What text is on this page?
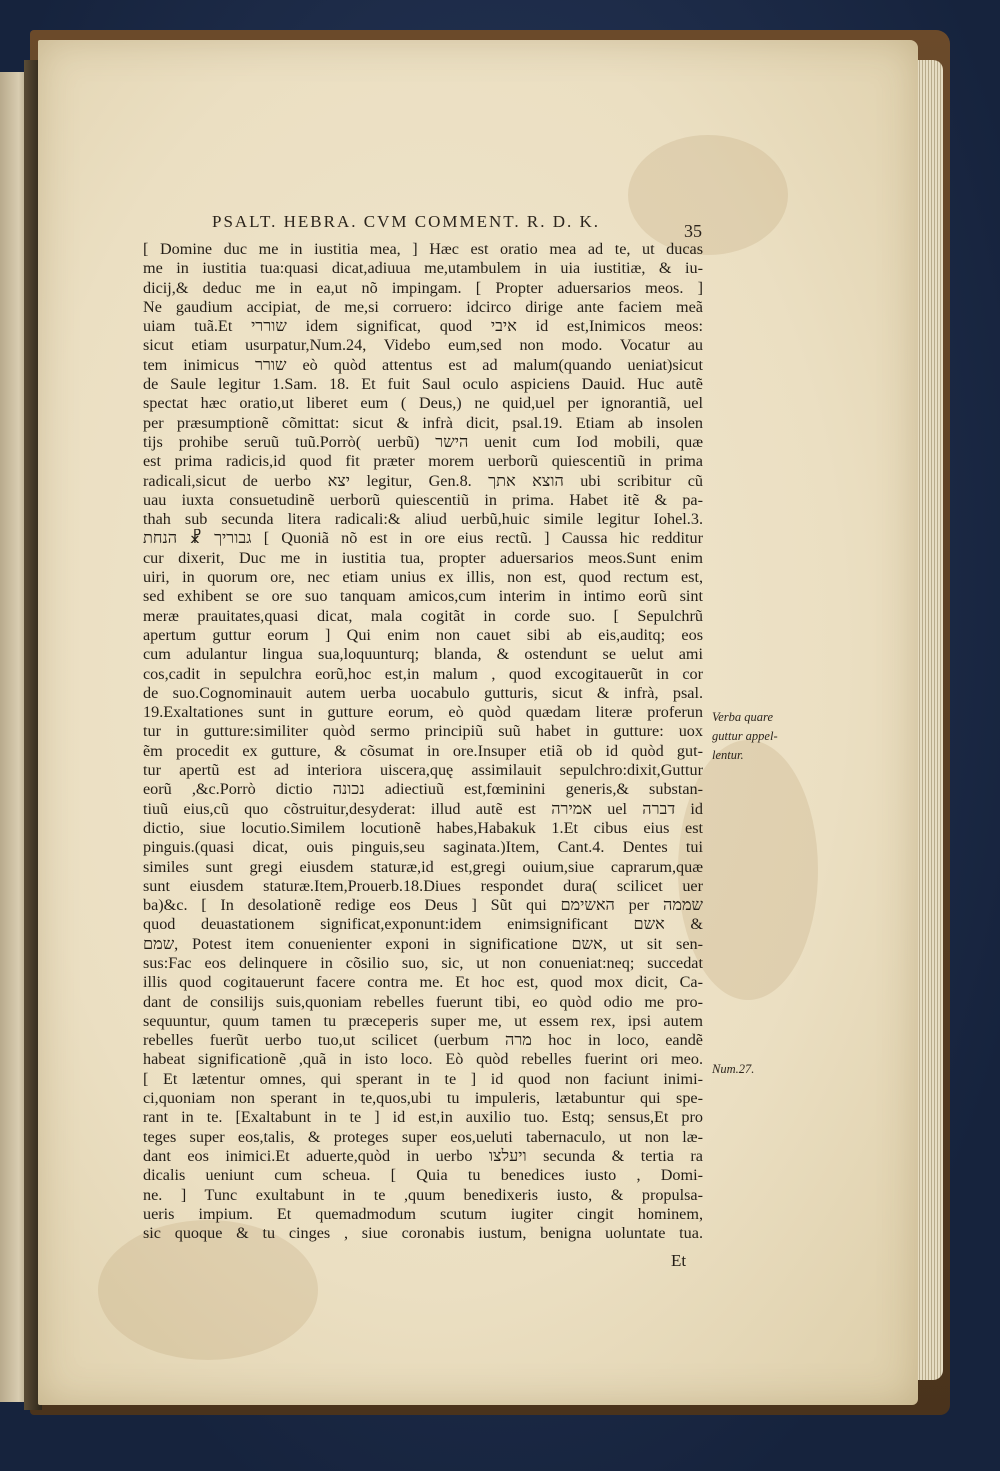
PSALT. HEBRA. CVM COMMENT. R. D. K.	35
[ Domine duc me in iustitia mea, ] Hæc est oratio mea ad te, ut ducas
me in iustitia tua:quasi dicat,adiuua me,utambulem in uia iustitiæ, & iu-
dicij,& deduc me in ea,ut nõ impingam. [ Propter aduersarios meos. ]
Ne gaudium accipiat, de me,si corruero: idcirco dirige ante faciem meã
uiam tuã.Et שוררי idem significat, quod איבי id est,Inimicos meos:
sicut etiam usurpatur,Num.24, Videbo eum,sed non modo. Vocatur au
tem inimicus שורר eò quòd attentus est ad malum(quando ueniat)sicut
de Saule legitur 1.Sam. 18. Et fuit Saul oculo aspiciens Dauid. Huc autẽ
spectat hæc oratio,ut liberet eum ( Deus,) ne quid,uel per ignorantiã, uel
per præsumptionẽ cõmittat: sicut & infrà dicit, psal.19. Etiam ab insolen
tijs prohibe seruũ tuũ.Porrò( uerbũ) הישר uenit cum Iod mobili, quæ
est prima radicis,id quod fit præter morem uerborũ quiescentiũ in prima
radicali,sicut de uerbo יצא legitur, Gen.8. הוצא אתך ubi scribitur cũ
uau iuxta consuetudinẽ uerborũ quiescentiũ in prima. Habet itẽ & pa-
thah sub secunda litera radicali:& aliud uerbũ,huic simile legitur Iohel.3.
גבוריך ☧ הנחת [ Quoniã nõ est in ore eius rectũ. ] Caussa hic redditur
cur dixerit, Duc me in iustitia tua, propter aduersarios meos.Sunt enim
uiri, in quorum ore, nec etiam unius ex illis, non est, quod rectum est,
sed exhibent se ore suo tanquam amicos,cum interim in intimo eorũ sint
meræ prauitates,quasi dicat, mala cogitãt in corde suo. [ Sepulchrũ
apertum guttur eorum ] Qui enim non cauet sibi ab eis,auditq; eos
cum adulantur lingua sua,loquunturq; blanda, & ostendunt se uelut ami
cos,cadit in sepulchra eorũ,hoc est,in malum , quod excogitauerũt in cor
de suo.Cognominauit autem uerba uocabulo gutturis, sicut & infrà, psal.
19.Exaltationes sunt in gutture eorum, eò quòd quædam literæ proferun
tur in gutture:similiter quòd sermo principiũ suũ habet in gutture: uox
ẽm procedit ex gutture, & cõsumat in ore.Insuper etiã ob id quòd gut-
tur apertũ est ad interiora uiscera,quę assimilauit sepulchro:dixit,Guttur
eorũ ,&c.Porrò dictio נכונה adiectiuũ est,fœminini generis,& substan-
tiuũ eius,cũ quo cõstruitur,desyderat: illud autẽ est אמירה uel דברה id
dictio, siue locutio.Similem locutionẽ habes,Habakuk 1.Et cibus eius est
pinguis.(quasi dicat, ouis pinguis,seu saginata.)Item, Cant.4. Dentes tui
similes sunt gregi eiusdem staturæ,id est,gregi ouium,siue caprarum,quæ
sunt eiusdem staturæ.Item,Prouerb.18.Diues respondet dura( scilicet uer
ba)&c. [ In desolationẽ redige eos Deus ] Sũt qui האשימם per שממה
quod deuastationem significat,exponunt:idem enimsignificant אשם &
שמם, Potest item conuenienter exponi in significatione אשם, ut sit sen-
sus:Fac eos delinquere in cõsilio suo, sic, ut non conueniat:neq; succedat
illis quod cogitauerunt facere contra me. Et hoc est, quod mox dicit, Ca-
dant de consilijs suis,quoniam rebelles fuerunt tibi, eo quòd odio me pro-
sequuntur, quum tamen tu præceperis super me, ut essem rex, ipsi autem
rebelles fuerũt uerbo tuo,ut scilicet (uerbum מרה hoc in loco, eandẽ
habeat significationẽ ,quã in isto loco. Eò quòd rebelles fuerint ori meo.
[ Et lætentur omnes, qui sperant in te ] id quod non faciunt inimi-
ci,quoniam non sperant in te,quos,ubi tu impuleris, lætabuntur qui spe-
rant in te. [Exaltabunt in te ] id est,in auxilio tuo. Estq; sensus,Et pro
teges super eos,talis, & proteges super eos,ueluti tabernaculo, ut non læ-
dant eos inimici.Et aduerte,quòd in uerbo ויעלצו secunda & tertia ra
dicalis ueniunt cum scheua. [ Quia tu benedices iusto , Domi-
ne. ] Tunc exultabunt in te ,quum benedixeris iusto, & propulsa-
ueris impium. Et quemadmodum scutum iugiter cingit hominem,
sic quoque & tu cinges , siue coronabis iustum, benigna uoluntate tua.
Verba quare
guttur appel-
lentur.
Num.27.
Et
